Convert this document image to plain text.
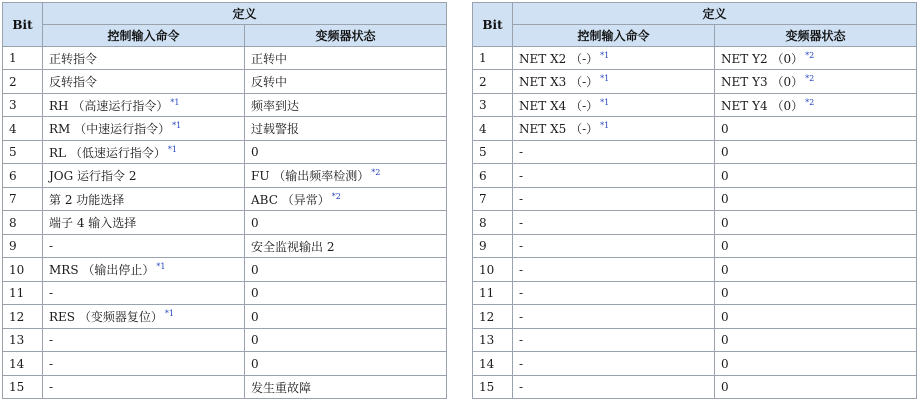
Bit	定义	
	控制输入命令	变频器状态
1	正转指令	正转中
2	反转指令	反转中
3	RH （高速运行指令） $^{*1}$	频率到达
4	RM （中速运行指令） $^{*1}$	过载警报
5	RL （低速运行指令） $^{*1}$	0
6	JOG 运行指令 2	FU （输出频率检测） $^{*2}$
7	第 2 功能选择	ABC （异常） $^{*2}$
8	端子 4 输入选择	0
9	-	安全监视输出 2
10	MRS （输出停止） $^{*1}$	0
11	-	0
12	RES （变频器复位） $^{*1}$	0
13	-	0
14	-	0
15	-	发生重故障
Bit	定义	
	控制输入命令	变频器状态
1	NET X2 （-） $^{*1}$	NET Y2 （0） $^{*2}$
2	NET X3 （-） $^{*1}$	NET Y3 （0） $^{*2}$
3	NET X4 （-） $^{*1}$	NET Y4 （0） $^{*2}$
4	NET X5 （-） $^{*1}$	0
5	-	0
6	-	0
7	-	0
8	-	0
9	-	0
10	-	0
11	-	0
12	-	0
13	-	0
14	-	0
15	-	0
